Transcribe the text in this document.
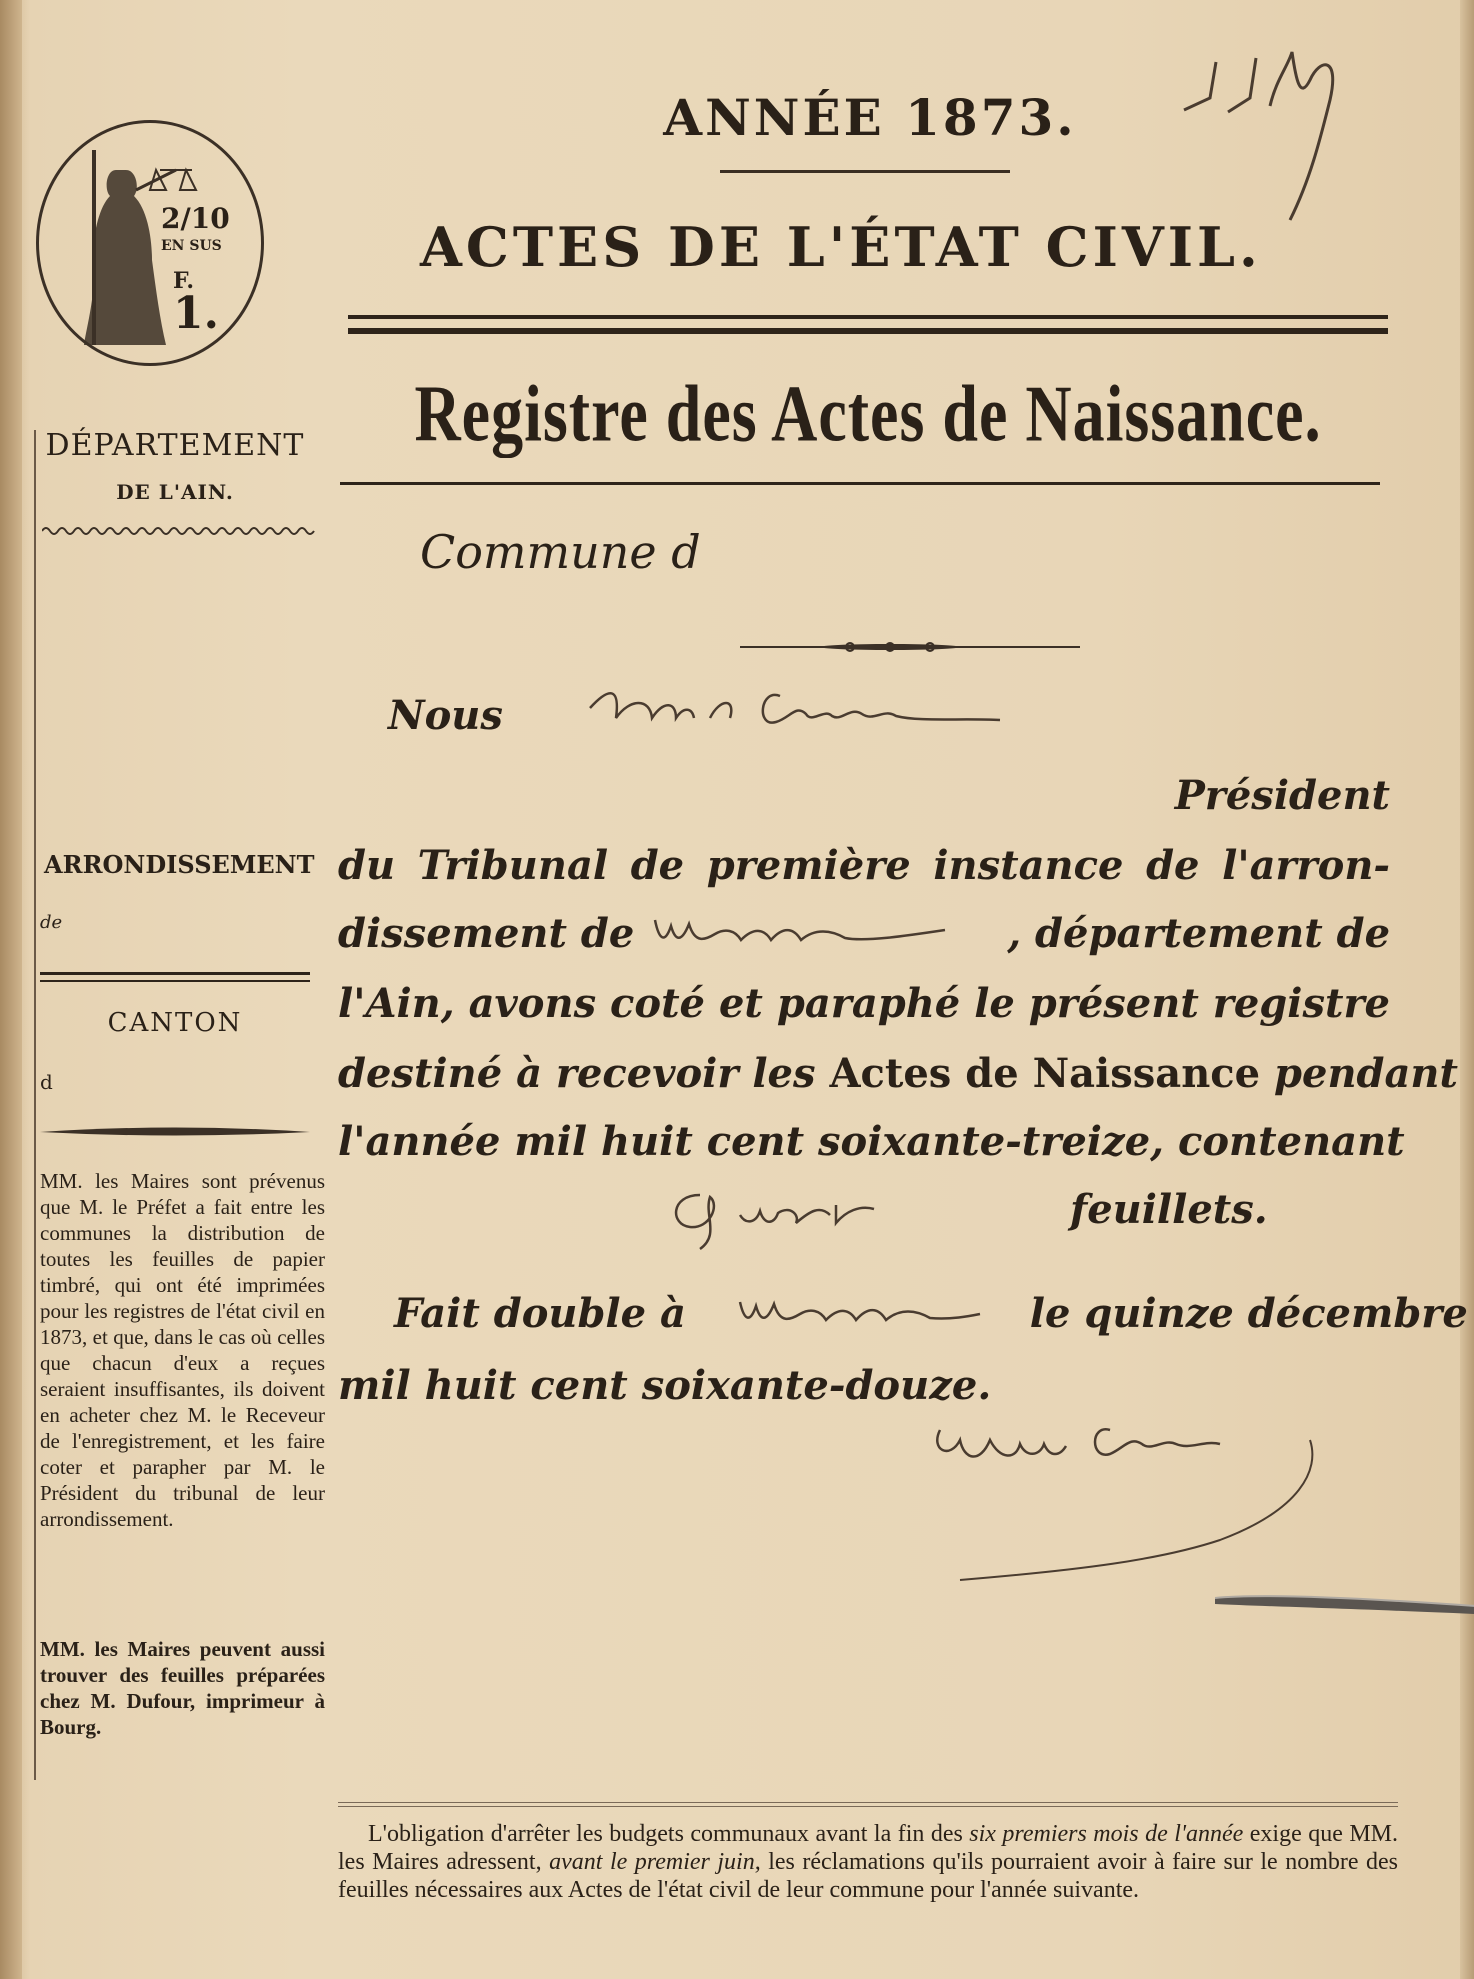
ANNÉE 1873.
ACTES DE L'ÉTAT CIVIL.
Registre des Actes de Naissance.
Commune d
2/10
EN SUS
F.
1.
DÉPARTEMENT
DE L'AIN.
ARRONDISSEMENT
de
CANTON
d
MM. les Maires sont prévenus que M. le Préfet a fait entre les communes la distribution de toutes les feuilles de papier timbré, qui ont été imprimées pour les registres de l'état civil en 1873, et que, dans le cas où celles que chacun d'eux a reçues seraient insuffisantes, ils doivent en acheter chez M. le Receveur de l'enregistrement, et les faire coter et parapher par M. le Président du tribunal de leur arrondissement.
MM. les Maires peuvent aussi trouver des feuilles préparées chez M. Dufour, imprimeur à Bourg.
Nous
Président
du Tribunal de première instance de l'arron-
dissement de	, département de
l'Ain, avons coté et paraphé le présent registre
destiné à recevoir les Actes de Naissance pendant
l'année mil huit cent soixante-treize, contenant
feuillets.
Fait double à	le quinze décembre
mil huit cent soixante-douze.
L'obligation d'arrêter les budgets communaux avant la fin des six premiers mois de l'année exige que MM. les Maires adressent, avant le premier juin, les réclamations qu'ils pourraient avoir à faire sur le nombre des feuilles nécessaires aux Actes de l'état civil de leur commune pour l'année suivante.
